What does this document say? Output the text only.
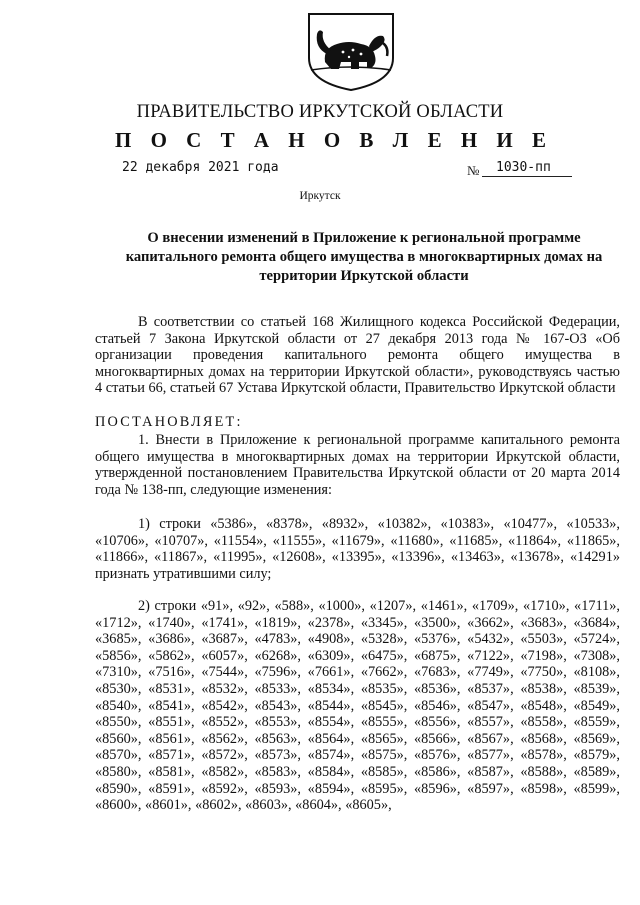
ПРАВИТЕЛЬСТВО ИРКУТСКОЙ ОБЛАСТИ
П О С Т А Н О В Л Е Н И Е
22 декабря 2021 года	№ 1030-пп
Иркутск
О внесении изменений в Приложение к региональной программе капитального ремонта общего имущества в многоквартирных домах на территории Иркутской области
В соответствии со статьей 168 Жилищного кодекса Российской Федерации, статьей 7 Закона Иркутской области от 27 декабря 2013 года № 167-ОЗ «Об организации проведения капитального ремонта общего имущества в многоквартирных домах на территории Иркутской области», руководствуясь частью 4 статьи 66, статьей 67 Устава Иркутской области, Правительство Иркутской области
ПОСТАНОВЛЯЕТ:
1. Внести в Приложение к региональной программе капитального ремонта общего имущества в многоквартирных домах на территории Иркутской области, утвержденной постановлением Правительства Иркутской области от 20 марта 2014 года № 138-пп, следующие изменения:
1) строки «5386», «8378», «8932», «10382», «10383», «10477», «10533», «10706», «10707», «11554», «11555», «11679», «11680», «11685», «11864», «11865», «11866», «11867», «11995», «12608», «13395», «13396», «13463», «13678», «14291» признать утратившими силу;
2) строки «91», «92», «588», «1000», «1207», «1461», «1709», «1710», «1711», «1712», «1740», «1741», «1819», «2378», «3345», «3500», «3662», «3683», «3684», «3685», «3686», «3687», «4783», «4908», «5328», «5376», «5432», «5503», «5724», «5856», «5862», «6057», «6268», «6309», «6475», «6875», «7122», «7198», «7308», «7310», «7516», «7544», «7596», «7661», «7662», «7683», «7749», «7750», «8108», «8530», «8531», «8532», «8533», «8534», «8535», «8536», «8537», «8538», «8539», «8540», «8541», «8542», «8543», «8544», «8545», «8546», «8547», «8548», «8549», «8550», «8551», «8552», «8553», «8554», «8555», «8556», «8557», «8558», «8559», «8560», «8561», «8562», «8563», «8564», «8565», «8566», «8567», «8568», «8569», «8570», «8571», «8572», «8573», «8574», «8575», «8576», «8577», «8578», «8579», «8580», «8581», «8582», «8583», «8584», «8585», «8586», «8587», «8588», «8589», «8590», «8591», «8592», «8593», «8594», «8595», «8596», «8597», «8598», «8599», «8600», «8601», «8602», «8603», «8604», «8605»,
